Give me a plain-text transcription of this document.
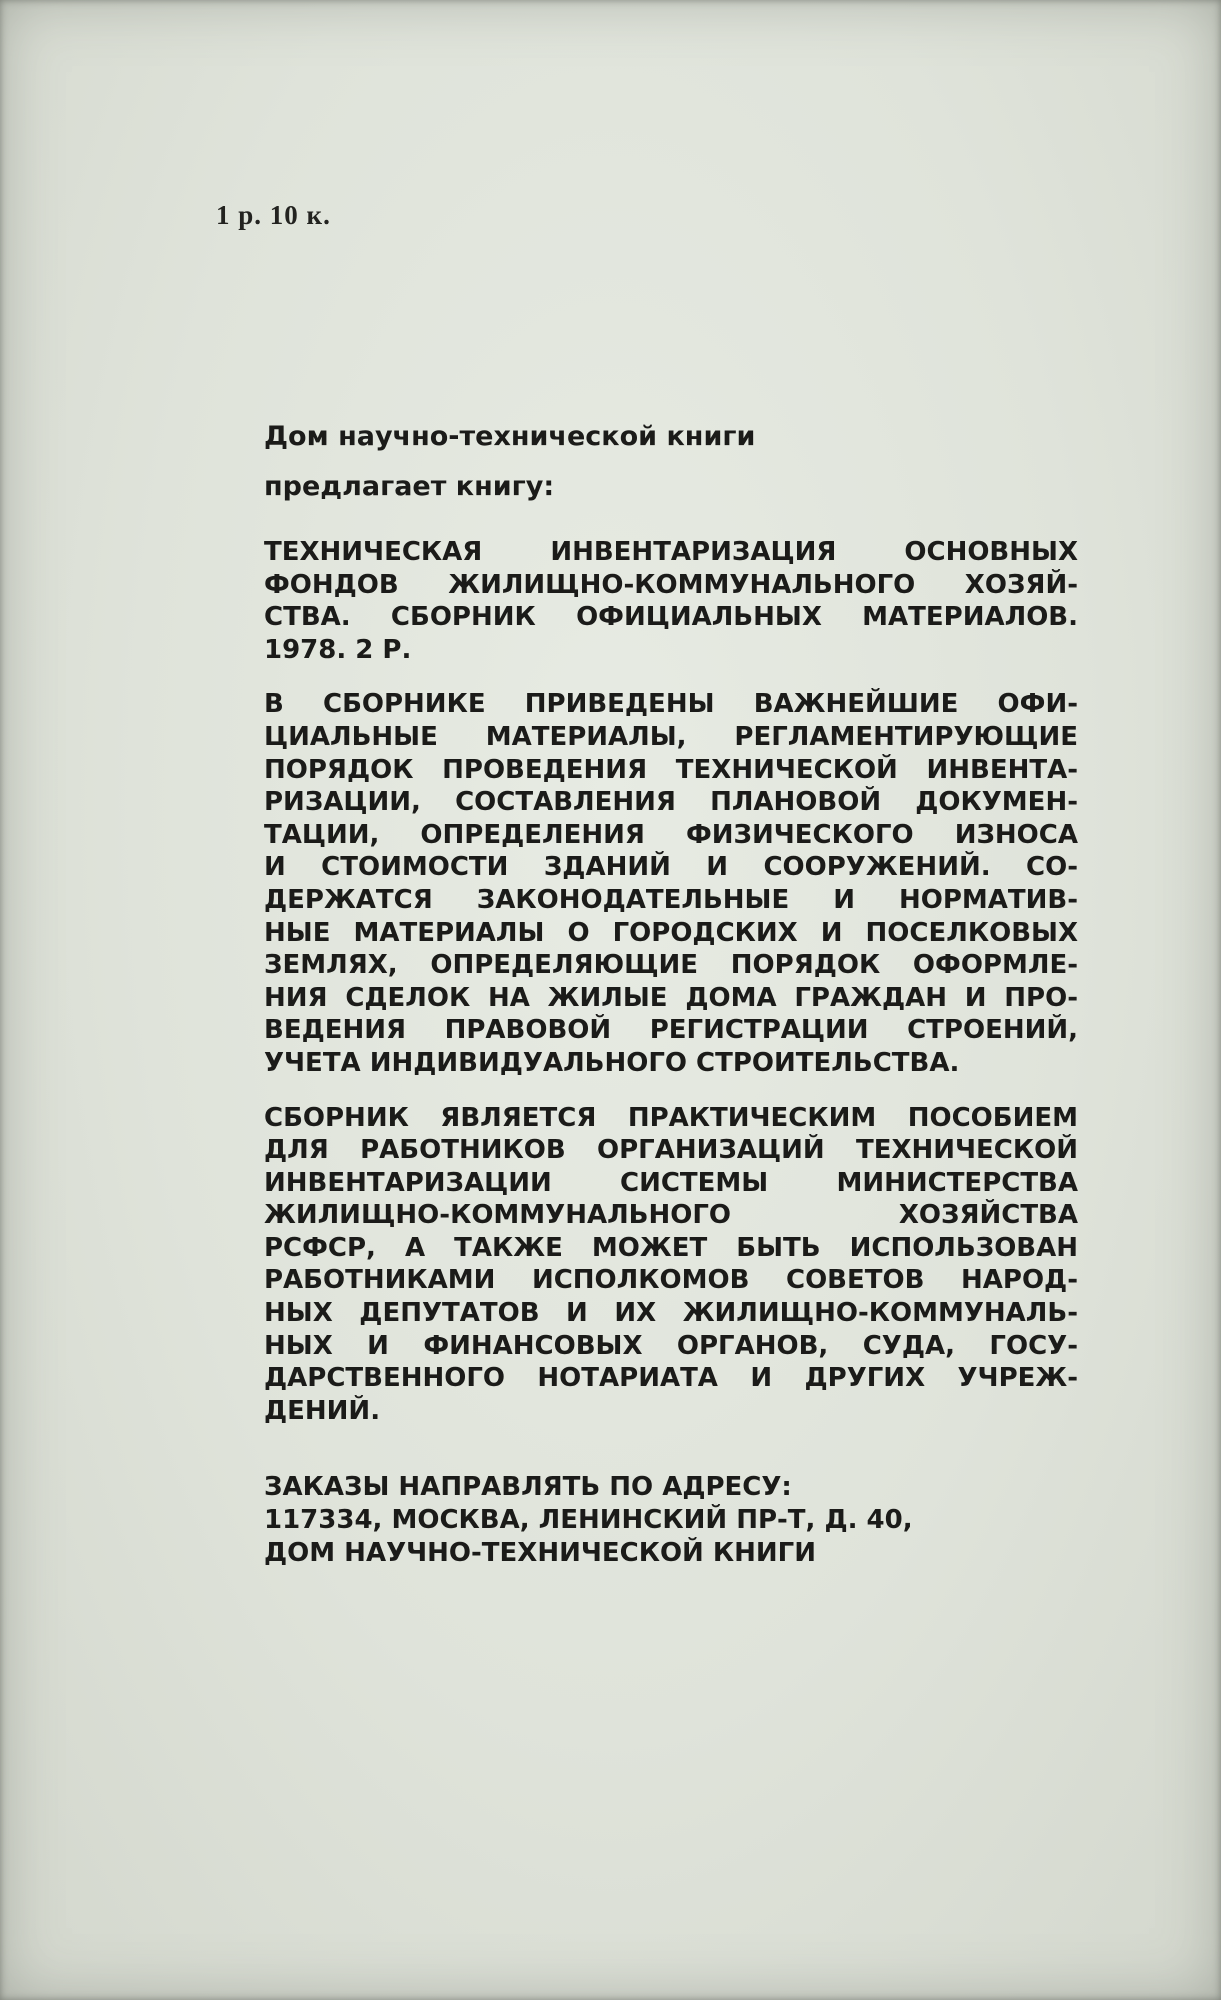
1 р. 10 к.
Дом научно-технической книги
предлагает книгу:
ТЕХНИЧЕСКАЯ ИНВЕНТАРИЗАЦИЯ ОСНОВНЫХ
ФОНДОВ ЖИЛИЩНО-КОММУНАЛЬНОГО ХОЗЯЙ-
СТВА. СБОРНИК ОФИЦИАЛЬНЫХ МАТЕРИАЛОВ.
1978. 2 Р.
В СБОРНИКЕ ПРИВЕДЕНЫ ВАЖНЕЙШИЕ ОФИ-
ЦИАЛЬНЫЕ МАТЕРИАЛЫ, РЕГЛАМЕНТИРУЮЩИЕ
ПОРЯДОК ПРОВЕДЕНИЯ ТЕХНИЧЕСКОЙ ИНВЕНТА-
РИЗАЦИИ, СОСТАВЛЕНИЯ ПЛАНОВОЙ ДОКУМЕН-
ТАЦИИ, ОПРЕДЕЛЕНИЯ ФИЗИЧЕСКОГО ИЗНОСА
И СТОИМОСТИ ЗДАНИЙ И СООРУЖЕНИЙ. СО-
ДЕРЖАТСЯ ЗАКОНОДАТЕЛЬНЫЕ И НОРМАТИВ-
НЫЕ МАТЕРИАЛЫ О ГОРОДСКИХ И ПОСЕЛКОВЫХ
ЗЕМЛЯХ, ОПРЕДЕЛЯЮЩИЕ ПОРЯДОК ОФОРМЛЕ-
НИЯ СДЕЛОК НА ЖИЛЫЕ ДОМА ГРАЖДАН И ПРО-
ВЕДЕНИЯ ПРАВОВОЙ РЕГИСТРАЦИИ СТРОЕНИЙ,
УЧЕТА ИНДИВИДУАЛЬНОГО СТРОИТЕЛЬСТВА.
СБОРНИК ЯВЛЯЕТСЯ ПРАКТИЧЕСКИМ ПОСОБИЕМ
ДЛЯ РАБОТНИКОВ ОРГАНИЗАЦИЙ ТЕХНИЧЕСКОЙ
ИНВЕНТАРИЗАЦИИ СИСТЕМЫ МИНИСТЕРСТВА
ЖИЛИЩНО-КОММУНАЛЬНОГО ХОЗЯЙСТВА
РСФСР, А ТАКЖЕ МОЖЕТ БЫТЬ ИСПОЛЬЗОВАН
РАБОТНИКАМИ ИСПОЛКОМОВ СОВЕТОВ НАРОД-
НЫХ ДЕПУТАТОВ И ИХ ЖИЛИЩНО-КОММУНАЛЬ-
НЫХ И ФИНАНСОВЫХ ОРГАНОВ, СУДА, ГОСУ-
ДАРСТВЕННОГО НОТАРИАТА И ДРУГИХ УЧРЕЖ-
ДЕНИЙ.
ЗАКАЗЫ НАПРАВЛЯТЬ ПО АДРЕСУ:
117334, МОСКВА, ЛЕНИНСКИЙ ПР-Т, Д. 40,
ДОМ НАУЧНО-ТЕХНИЧЕСКОЙ КНИГИ
